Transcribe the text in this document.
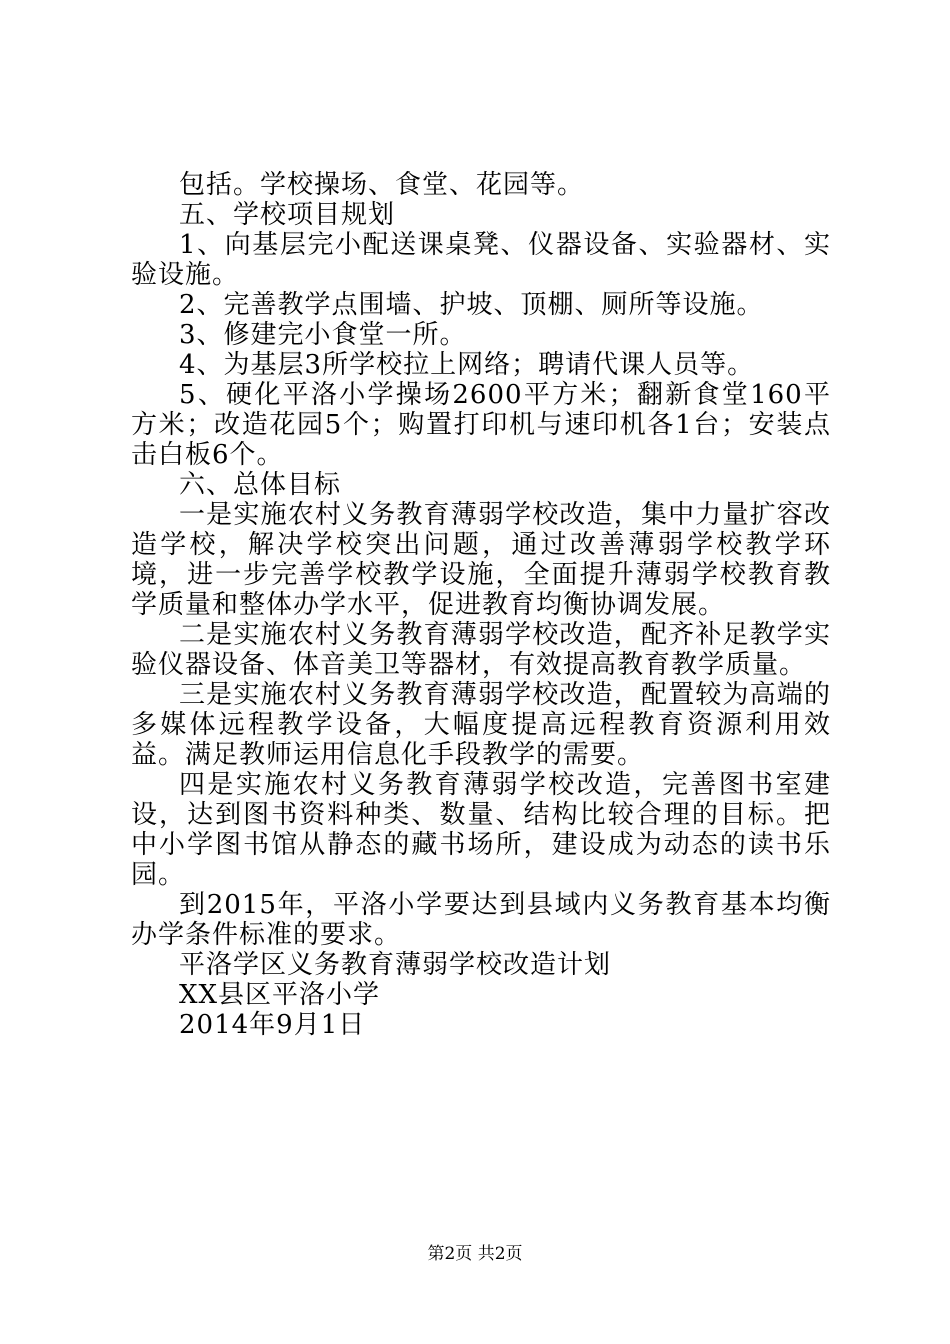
包括。学校操场、食堂、花园等。

五、学校项目规划

1、向基层完小配送课桌凳、仪器设备、实验器材、实验设施。

2、完善教学点围墙、护坡、顶棚、厕所等设施。

3、修建完小食堂一所。

4、为基层3所学校拉上网络；聘请代课人员等。

5、硬化平洛小学操场2600平方米；翻新食堂160平方米；改造花园5个；购置打印机与速印机各1台；安装点击白板6个。

六、总体目标

一是实施农村义务教育薄弱学校改造，集中力量扩容改造学校，解决学校突出问题，通过改善薄弱学校教学环境，进一步完善学校教学设施，全面提升薄弱学校教育教学质量和整体办学水平，促进教育均衡协调发展。

二是实施农村义务教育薄弱学校改造，配齐补足教学实验仪器设备、体音美卫等器材，有效提高教育教学质量。

三是实施农村义务教育薄弱学校改造，配置较为高端的多媒体远程教学设备，大幅度提高远程教育资源利用效益。满足教师运用信息化手段教学的需要。

四是实施农村义务教育薄弱学校改造，完善图书室建设，达到图书资料种类、数量、结构比较合理的目标。把中小学图书馆从静态的藏书场所，建设成为动态的读书乐园。

到2015年，平洛小学要达到县域内义务教育基本均衡办学条件标准的要求。

平洛学区义务教育薄弱学校改造计划

XX县区平洛小学

2014年9月1日

第2页 共2页
